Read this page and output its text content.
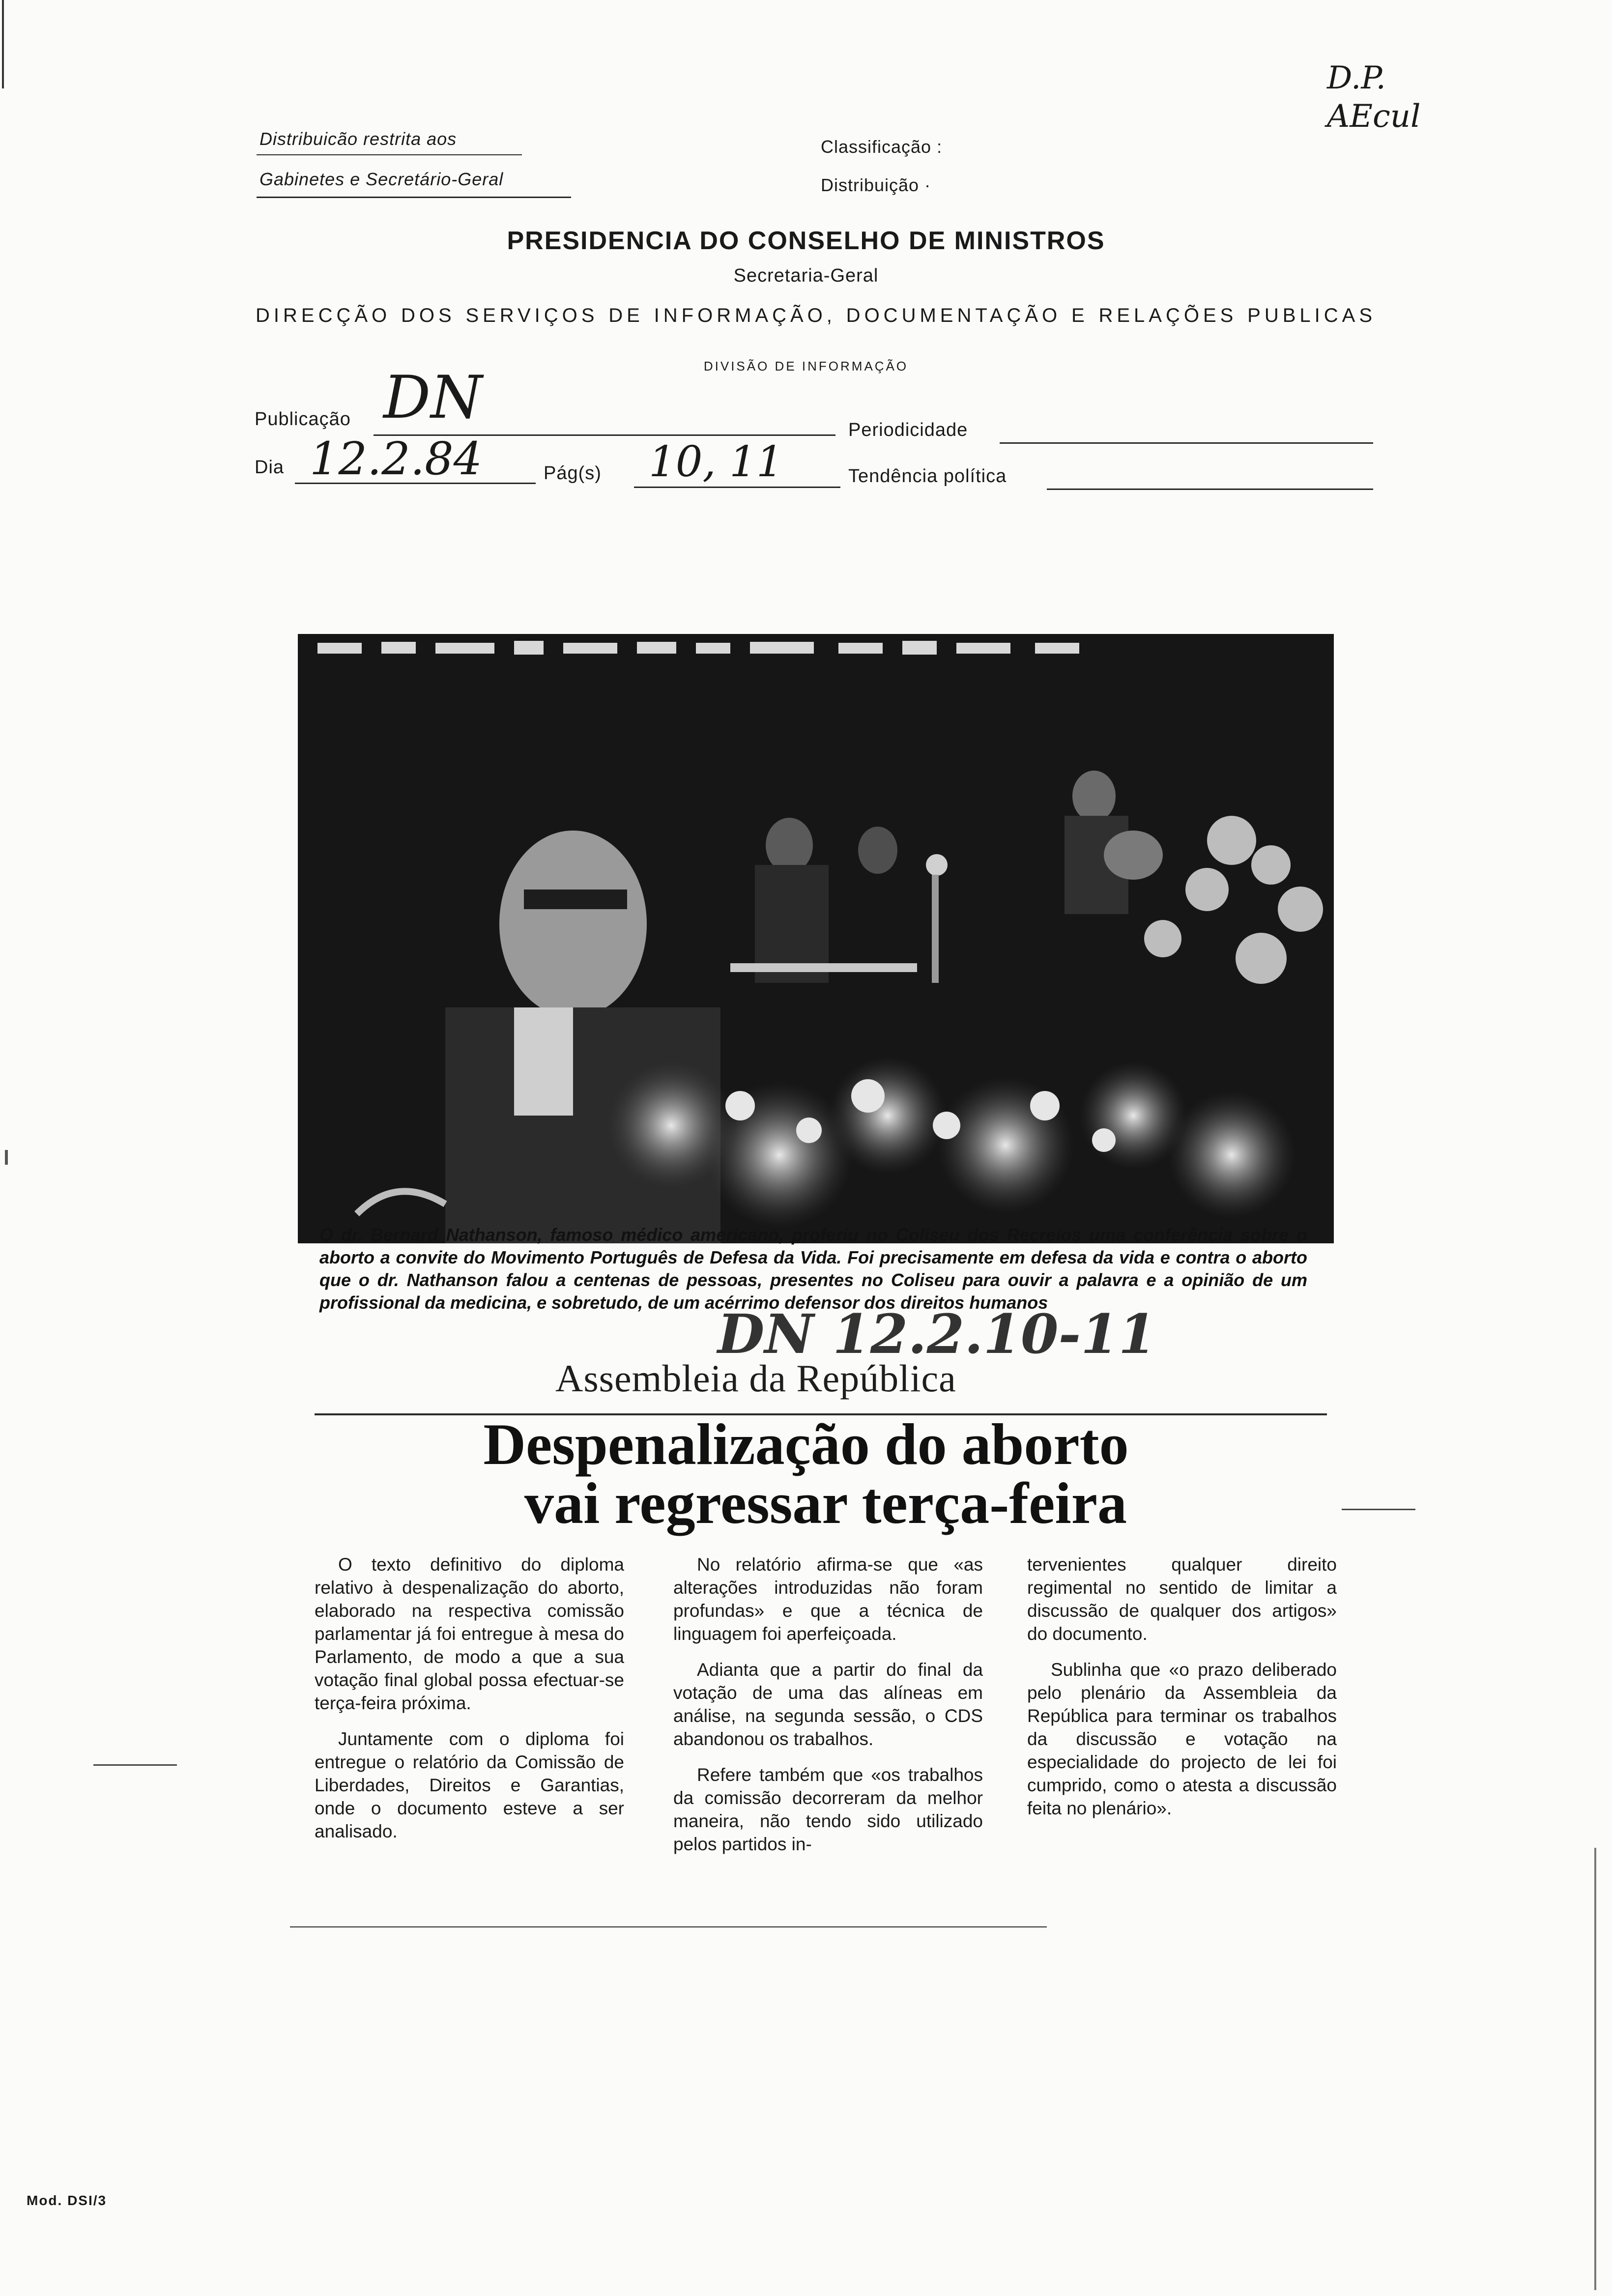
Distribuicão restrita aos
Gabinetes e Secretário-Geral
Classificação :
Distribuição ·
D.P. AEcul
PRESIDENCIA DO CONSELHO DE MINISTROS
Secretaria-Geral
DIRECÇÃO DOS SERVIÇOS DE INFORMAÇÃO, DOCUMENTAÇÃO E RELAÇÕES PUBLICAS
DIVISÃO DE INFORMAÇÃO
Publicação DN	Periodicidade
Dia 12.2.84	Pág(s) 10, 11	Tendência política
O dr. Bernard Nathanson, famoso médico americano, proferiu no Coliseu dos Recreios uma conferência sobre o aborto a convite do Movimento Português de Defesa da Vida. Foi precisamente em defesa da vida e contra o aborto que o dr. Nathanson falou a centenas de pessoas, presentes no Coliseu para ouvir a palavra e a opinião de um profissional da medicina, e sobretudo, de um acérrimo defensor dos direitos humanos
DN 12.2.10-11
Assembleia da República
Despenalização do aborto
vai regressar terça-feira

O texto definitivo do diploma relativo à despenalização do aborto, elaborado na respectiva comissão parlamentar já foi entregue à mesa do Parlamento, de modo a que a sua votação final global possa efectuar-se terça-feira próxima.

Juntamente com o diploma foi entregue o relatório da Comissão de Liberdades, Direitos e Garantias, onde o documento esteve a ser analisado.

No relatório afirma-se que «as alterações introduzidas não foram profundas» e que a técnica de linguagem foi aperfeiçoada.

Adianta que a partir do final da votação de uma das alíneas em análise, na segunda sessão, o CDS abandonou os trabalhos.

Refere também que «os trabalhos da comissão decorreram da melhor maneira, não tendo sido utilizado pelos partidos in-

tervenientes qualquer direito regimental no sentido de limitar a discussão de qualquer dos artigos» do documento.

Sublinha que «o prazo deliberado pelo plenário da Assembleia da República para terminar os trabalhos da discussão e votação na especialidade do projecto de lei foi cumprido, como o atesta a discussão feita no plenário».

Mod. DSI/3
